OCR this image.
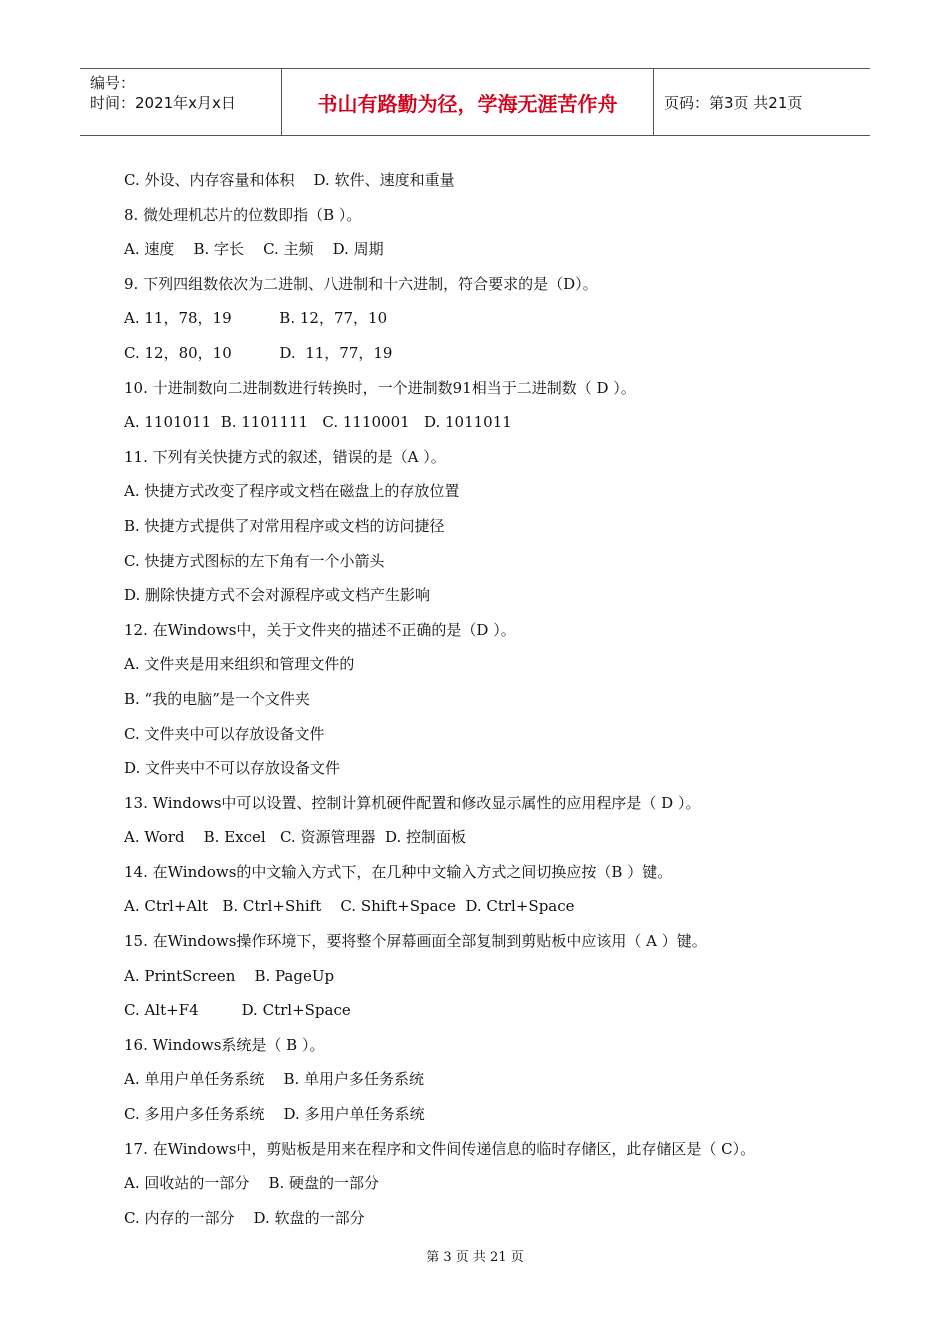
编号：
时间：2021年x月x日	书山有路勤为径，学海无涯苦作舟	页码：第3页 共21页
C. 外设、内存容量和体积    D. 软件、速度和重量
8. 微处理机芯片的位数即指（B ）。
A. 速度    B. 字长    C. 主频    D. 周期
9. 下列四组数依次为二进制、八进制和十六进制，符合要求的是（D）。
A. 11，78，19          B. 12，77，10
C. 12，80，10          D.  11，77，19
10. 十进制数向二进制数进行转换时，一个进制数91相当于二进制数（ D ）。
A. 1101011  B. 1101111   C. 1110001   D. 1011011
11. 下列有关快捷方式的叙述，错误的是（A ）。
A. 快捷方式改变了程序或文档在磁盘上的存放位置
B. 快捷方式提供了对常用程序或文档的访问捷径
C. 快捷方式图标的左下角有一个小箭头
D. 删除快捷方式不会对源程序或文档产生影响
12. 在Windows中，关于文件夹的描述不正确的是（D ）。
A. 文件夹是用来组织和管理文件的
B. “我的电脑”是一个文件夹
C. 文件夹中可以存放设备文件
D. 文件夹中不可以存放设备文件
13. Windows中可以设置、控制计算机硬件配置和修改显示属性的应用程序是（ D ）。
A. Word    B. Excel   C. 资源管理器  D. 控制面板
14. 在Windows的中文输入方式下，在几种中文输入方式之间切换应按（B ）键。
A. Ctrl+Alt   B. Ctrl+Shift    C. Shift+Space  D. Ctrl+Space
15. 在Windows操作环境下，要将整个屏幕画面全部复制到剪贴板中应该用（ A ）键。
A. PrintScreen    B. PageUp
C. Alt+F4         D. Ctrl+Space
16. Windows系统是（ B ）。
A. 单用户单任务系统    B. 单用户多任务系统
C. 多用户多任务系统    D. 多用户单任务系统
17. 在Windows中，剪贴板是用来在程序和文件间传递信息的临时存储区，此存储区是（ C）。
A. 回收站的一部分    B. 硬盘的一部分
C. 内存的一部分    D. 软盘的一部分
第 3 页 共 21 页
